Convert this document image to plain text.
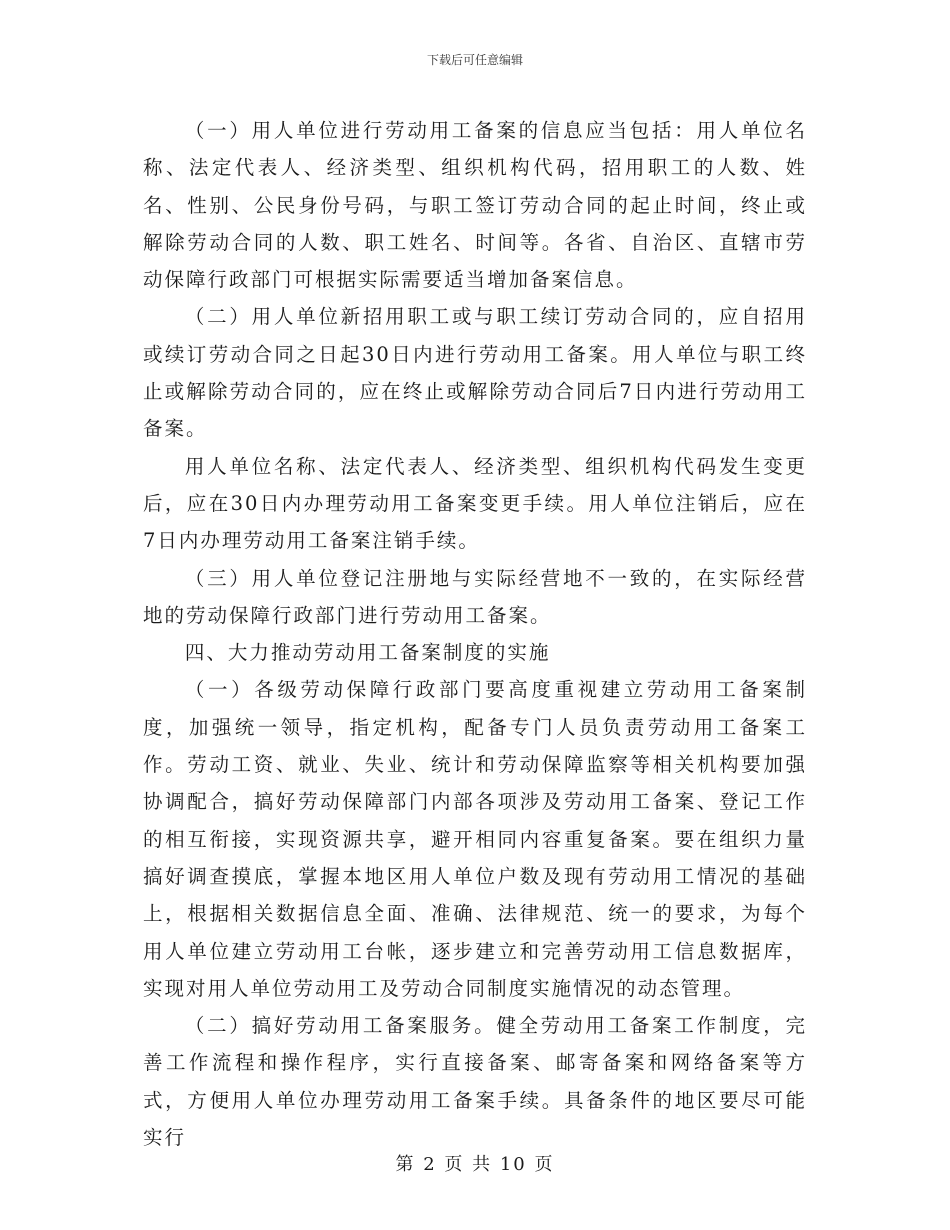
下载后可任意编辑

（一）用人单位进行劳动用工备案的信息应当包括：用人单位名称、法定代表人、经济类型、组织机构代码，招用职工的人数、姓名、性别、公民身份号码，与职工签订劳动合同的起止时间，终止或解除劳动合同的人数、职工姓名、时间等。各省、自治区、直辖市劳动保障行政部门可根据实际需要适当增加备案信息。

（二）用人单位新招用职工或与职工续订劳动合同的，应自招用或续订劳动合同之日起30日内进行劳动用工备案。用人单位与职工终止或解除劳动合同的，应在终止或解除劳动合同后7日内进行劳动用工备案。

用人单位名称、法定代表人、经济类型、组织机构代码发生变更后，应在30日内办理劳动用工备案变更手续。用人单位注销后，应在7日内办理劳动用工备案注销手续。

（三）用人单位登记注册地与实际经营地不一致的，在实际经营地的劳动保障行政部门进行劳动用工备案。

四、大力推动劳动用工备案制度的实施

（一）各级劳动保障行政部门要高度重视建立劳动用工备案制度，加强统一领导，指定机构，配备专门人员负责劳动用工备案工作。劳动工资、就业、失业、统计和劳动保障监察等相关机构要加强协调配合，搞好劳动保障部门内部各项涉及劳动用工备案、登记工作的相互衔接，实现资源共享，避开相同内容重复备案。要在组织力量搞好调查摸底，掌握本地区用人单位户数及现有劳动用工情况的基础上，根据相关数据信息全面、准确、法律规范、统一的要求，为每个用人单位建立劳动用工台帐，逐步建立和完善劳动用工信息数据库，实现对用人单位劳动用工及劳动合同制度实施情况的动态管理。

（二）搞好劳动用工备案服务。健全劳动用工备案工作制度，完善工作流程和操作程序，实行直接备案、邮寄备案和网络备案等方式，方便用人单位办理劳动用工备案手续。具备条件的地区要尽可能实行

第 2 页 共 10 页
